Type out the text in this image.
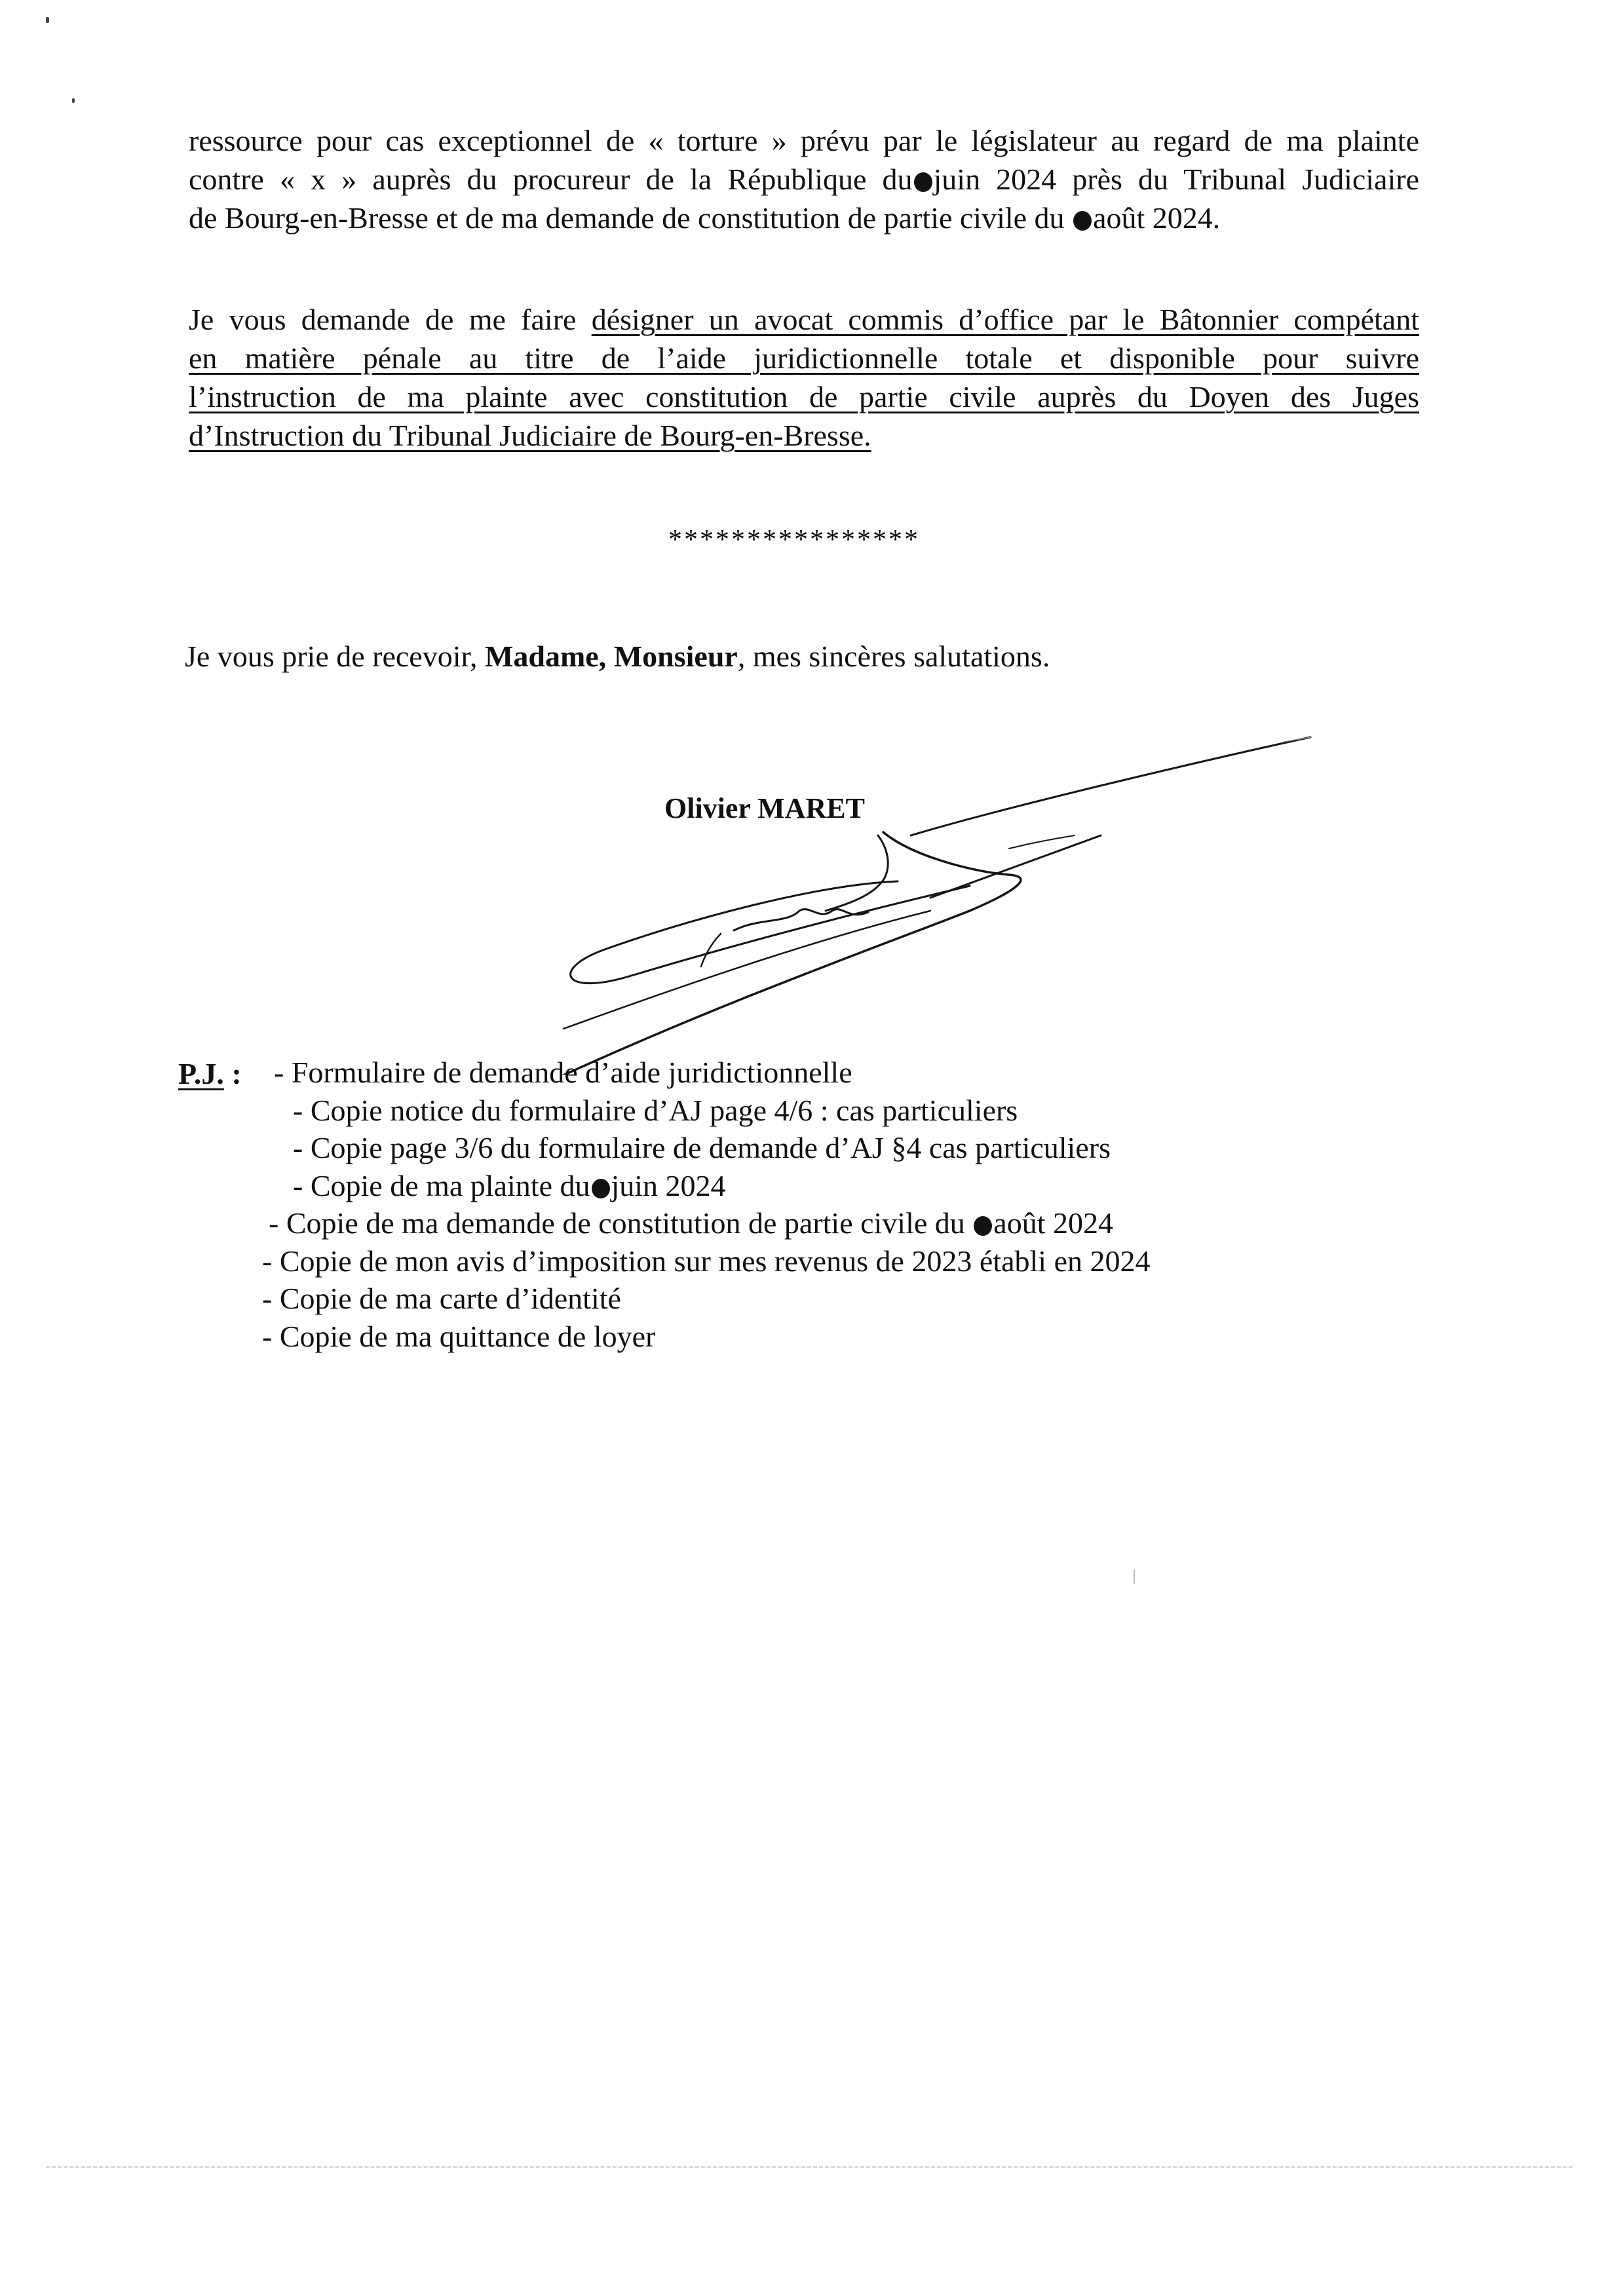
ressource pour cas exceptionnel de « torture » prévu par le législateur au regard de ma plainte
contre « x » auprès du procureur de la République du juin 2024 près du Tribunal Judiciaire
de Bourg-en-Bresse et de ma demande de constitution de partie civile du août 2024.

Je vous demande de me faire désigner un avocat commis d’office par le Bâtonnier compétant
en matière pénale au titre de l’aide juridictionnelle totale et disponible pour suivre
l’instruction de ma plainte avec constitution de partie civile auprès du Doyen des Juges
d’Instruction du Tribunal Judiciaire de Bourg-en-Bresse.

****************
Je vous prie de recevoir, Madame, Monsieur, mes sincères salutations.
Olivier MARET
P.J. : - Formulaire de demande d’aide juridictionnelle
- Copie notice du formulaire d’AJ page 4/6 : cas particuliers
- Copie page 3/6 du formulaire de demande d’AJ §4 cas particuliers
- Copie de ma plainte du juin 2024
- Copie de ma demande de constitution de partie civile du août 2024
- Copie de mon avis d’imposition sur mes revenus de 2023 établi en 2024
- Copie de ma carte d’identité
- Copie de ma quittance de loyer
